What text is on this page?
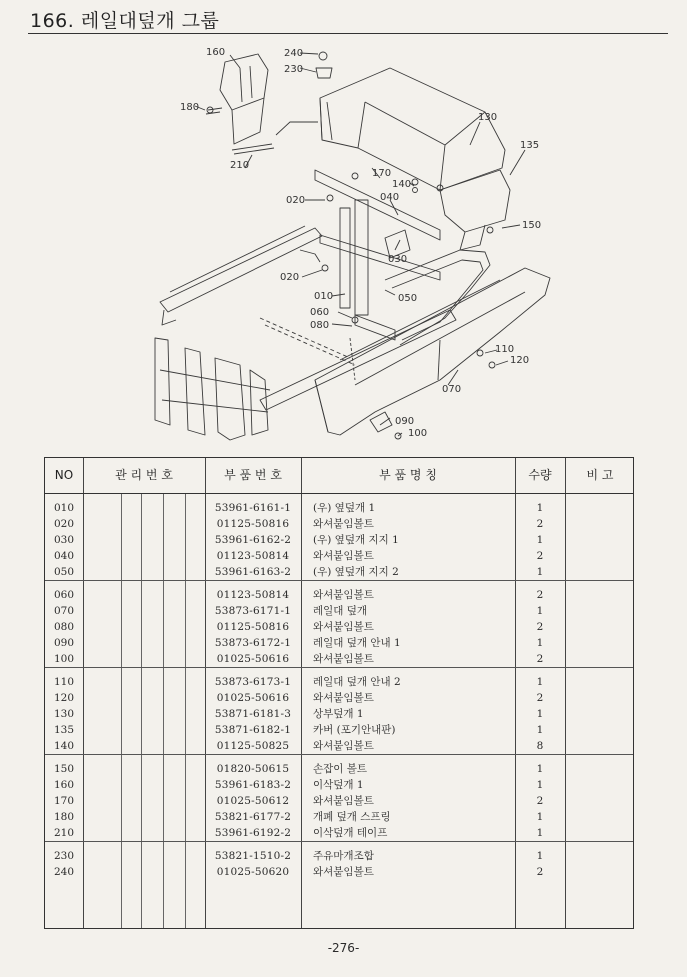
166. 레일대덮개 그룹
160	240
230
180
130
135
210
170
140
040
020
150
030
020
010	050
060
080
110
120
070
090
100
NO	관 리 번 호	부 품 번 호	부 품 명 칭	수량	비 고
010	53961-6161-1	(우) 옆덮개 1	1
020	01125-50816	와셔붙임볼트	2
030	53961-6162-2	(우) 옆덮개 지지 1	1
040	01123-50814	와셔붙임볼트	2
050	53961-6163-2	(우) 옆덮개 지지 2	1
060	01123-50814	와셔붙임볼트	2
070	53873-6171-1	레일대 덮개	1
080	01125-50816	와셔붙임볼트	2
090	53873-6172-1	레일대 덮개 안내 1	1
100	01025-50616	와셔붙임볼트	2
110	53873-6173-1	레일대 덮개 안내 2	1
120	01025-50616	와셔붙임볼트	2
130	53871-6181-3	상부덮개 1	1
135	53871-6182-1	카버 (포기안내판)	1
140	01125-50825	와셔붙임볼트	8
150	01820-50615	손잡이 볼트	1
160	53961-6183-2	이삭덮개 1	1
170	01025-50612	와셔붙임볼트	2
180	53821-6177-2	개폐 덮개 스프링	1
210	53961-6192-2	이삭덮개 테이프	1
230	53821-1510-2	주유마개조합	1
240	01025-50620	와셔붙임볼트	2
-276-
